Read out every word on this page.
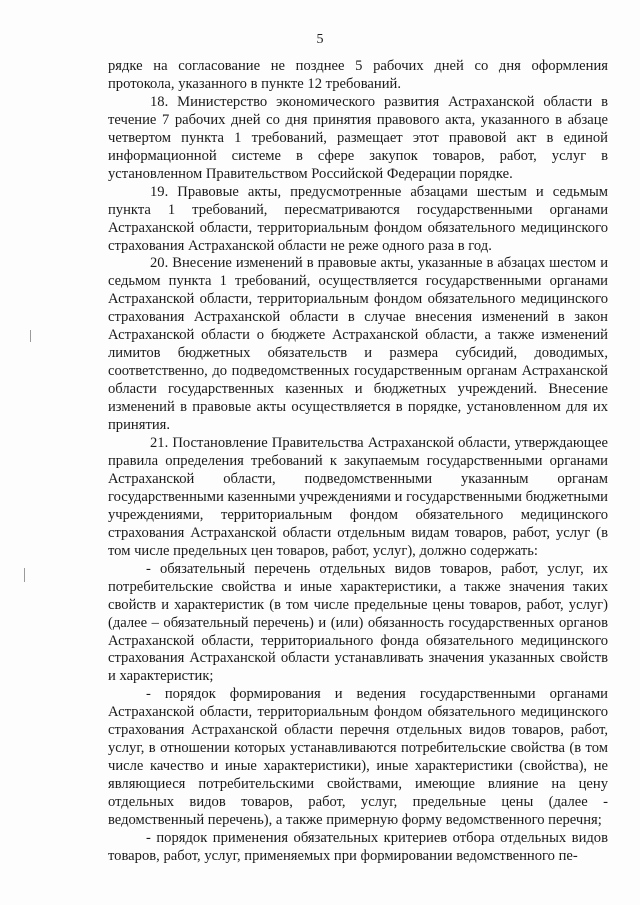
5

рядке на согласование не позднее 5 рабочих дней со дня оформления протокола, указанного в пункте 12 требований.

18. Министерство экономического развития Астраханской области в течение 7 рабочих дней со дня принятия правового акта, указанного в абзаце четвертом пункта 1 требований, размещает этот правовой акт в единой информационной системе в сфере закупок товаров, работ, услуг в установленном Правительством Российской Федерации порядке.

19. Правовые акты, предусмотренные абзацами шестым и седьмым пункта 1 требований, пересматриваются государственными органами Астраханской области, территориальным фондом обязательного медицинского страхования Астраханской области не реже одного раза в год.

20. Внесение изменений в правовые акты, указанные в абзацах шестом и седьмом пункта 1 требований, осуществляется государственными органами Астраханской области, территориальным фондом обязательного медицинского страхования Астраханской области в случае внесения изменений в закон Астраханской области о бюджете Астраханской области, а также изменений лимитов бюджетных обязательств и размера субсидий, доводимых, соответственно, до подведомственных государственным органам Астраханской области государственных казенных и бюджетных учреждений. Внесение изменений в правовые акты осуществляется в порядке, установленном для их принятия.

21. Постановление Правительства Астраханской области, утверждающее правила определения требований к закупаемым государственными органами Астраханской области, подведомственными указанным органам государственными казенными учреждениями и государственными бюджетными учреждениями, территориальным фондом обязательного медицинского страхования Астраханской области отдельным видам товаров, работ, услуг (в том числе предельных цен товаров, работ, услуг), должно содержать:

- обязательный перечень отдельных видов товаров, работ, услуг, их потребительские свойства и иные характеристики, а также значения таких свойств и характеристик (в том числе предельные цены товаров, работ, услуг) (далее – обязательный перечень) и (или) обязанность государственных органов Астраханской области, территориального фонда обязательного медицинского страхования Астраханской области устанавливать значения указанных свойств и характеристик;

- порядок формирования и ведения государственными органами Астраханской области, территориальным фондом обязательного медицинского страхования Астраханской области перечня отдельных видов товаров, работ, услуг, в отношении которых устанавливаются потребительские свойства (в том числе качество и иные характеристики), иные характеристики (свойства), не являющиеся потребительскими свойствами, имеющие влияние на цену отдельных видов товаров, работ, услуг, предельные цены (далее - ведомственный перечень), а также примерную форму ведомственного перечня;

- порядок применения обязательных критериев отбора отдельных видов товаров, работ, услуг, применяемых при формировании ведомственного пе-
